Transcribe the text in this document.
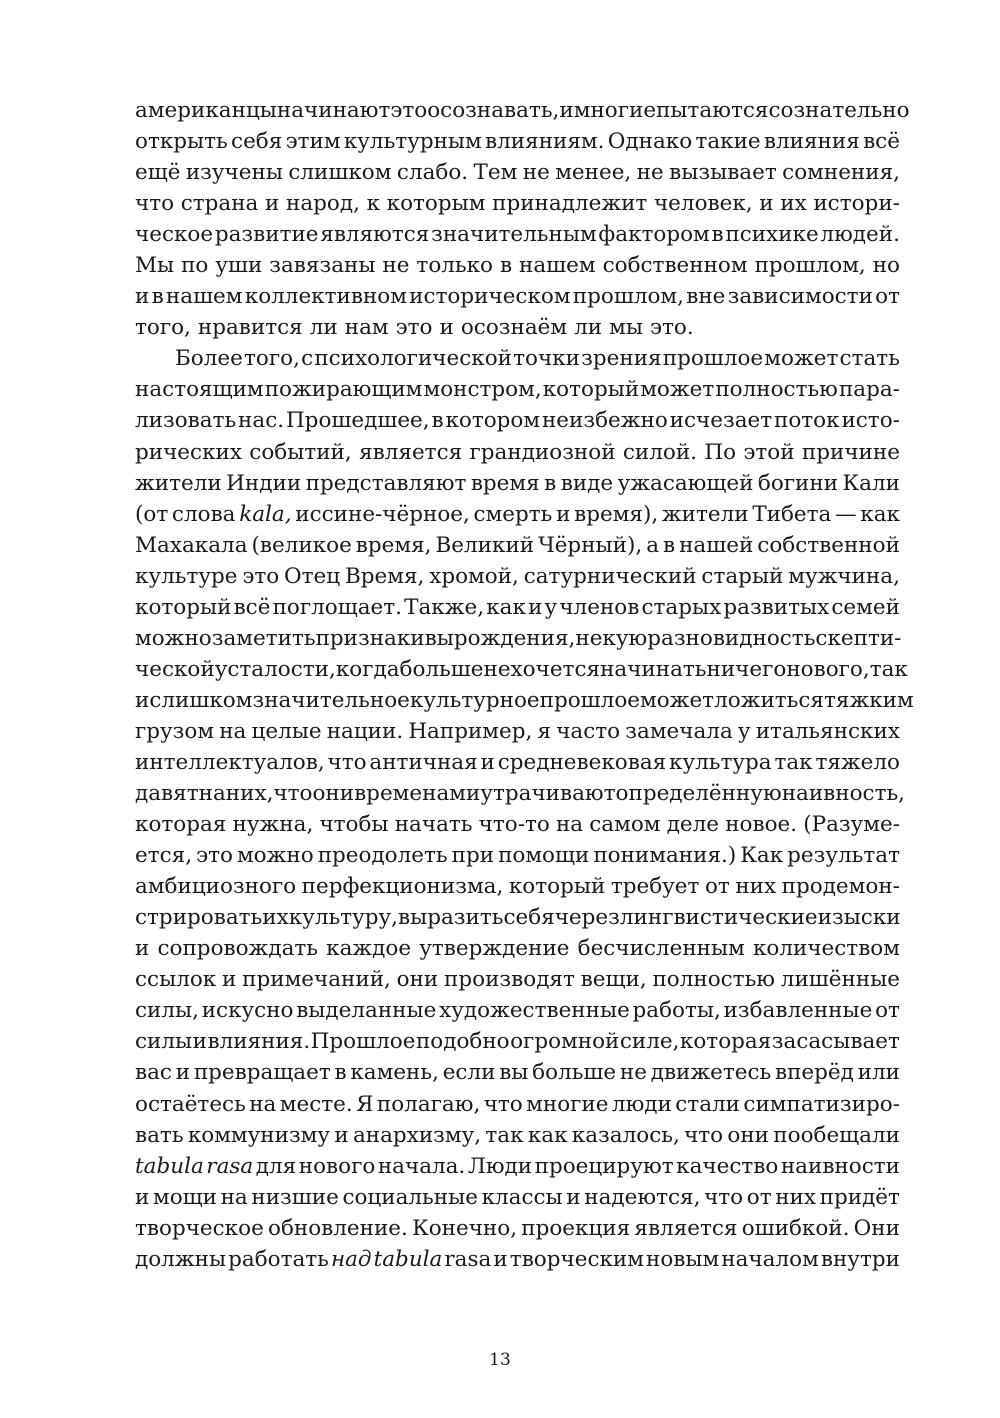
американцы начинают это осознавать, и многие пытаются сознательно
открыть себя этим культурным влияниям. Однако такие влияния всё
ещё изучены слишком слабо. Тем не менее, не вызывает сомнения,
что страна и народ, к которым принадлежит человек, и их истори-
ческое развитие являются значительным фактором в психике людей.
Мы по уши завязаны не только в нашем собственном прошлом, но
и в нашем коллективном историческом прошлом, вне зависимости от
того, нравится ли нам это и осознаём ли мы это.
Более того, с психологической точки зрения прошлое может стать
настоящим пожирающим монстром, который может полностью пара-
лизовать нас. Прошедшее, в котором неизбежно исчезает поток исто-
рических событий, является грандиозной силой. По этой причине
жители Индии представляют время в виде ужасающей богини Кали
(от слова kala, иссине-чёрное, смерть и время), жители Тибета — как
Махакала (великое время, Великий Чёрный), а в нашей собственной
культуре это Отец Время, хромой, сатурнический старый мужчина,
который всё поглощает. Также, как и у членов старых развитых семей
можно заметить признаки вырождения, некую разновидность скепти-
ческой усталости, когда больше не хочется начинать ничего нового, так
и слишком значительное культурное прошлое может ложиться тяжким
грузом на целые нации. Например, я часто замечала у итальянских
интеллектуалов, что античная и средневековая культура так тяжело
давят на них, что они временами утрачивают определённую наивность,
которая нужна, чтобы начать что-то на самом деле новое. (Разуме-
ется, это можно преодолеть при помощи понимания.) Как результат
амбициозного перфекционизма, который требует от них продемон-
стрировать их культуру, выразить себя через лингвистические изыски
и сопровождать каждое утверждение бесчисленным количеством
ссылок и примечаний, они производят вещи, полностью лишённые
силы, искусно выделанные художественные работы, избавленные от
силы и влияния. Прошлое подобно огромной силе, которая засасывает
вас и превращает в камень, если вы больше не движетесь вперёд или
остаётесь на месте. Я полагаю, что многие люди стали симпатизиро-
вать коммунизму и анархизму, так как казалось, что они пообещали
tabula rasa для нового начала. Люди проецируют качество наивности
и мощи на низшие социальные классы и надеются, что от них придёт
творческое обновление. Конечно, проекция является ошибкой. Они
должны работать над tabula rasa и творческим новым началом внутри
13
